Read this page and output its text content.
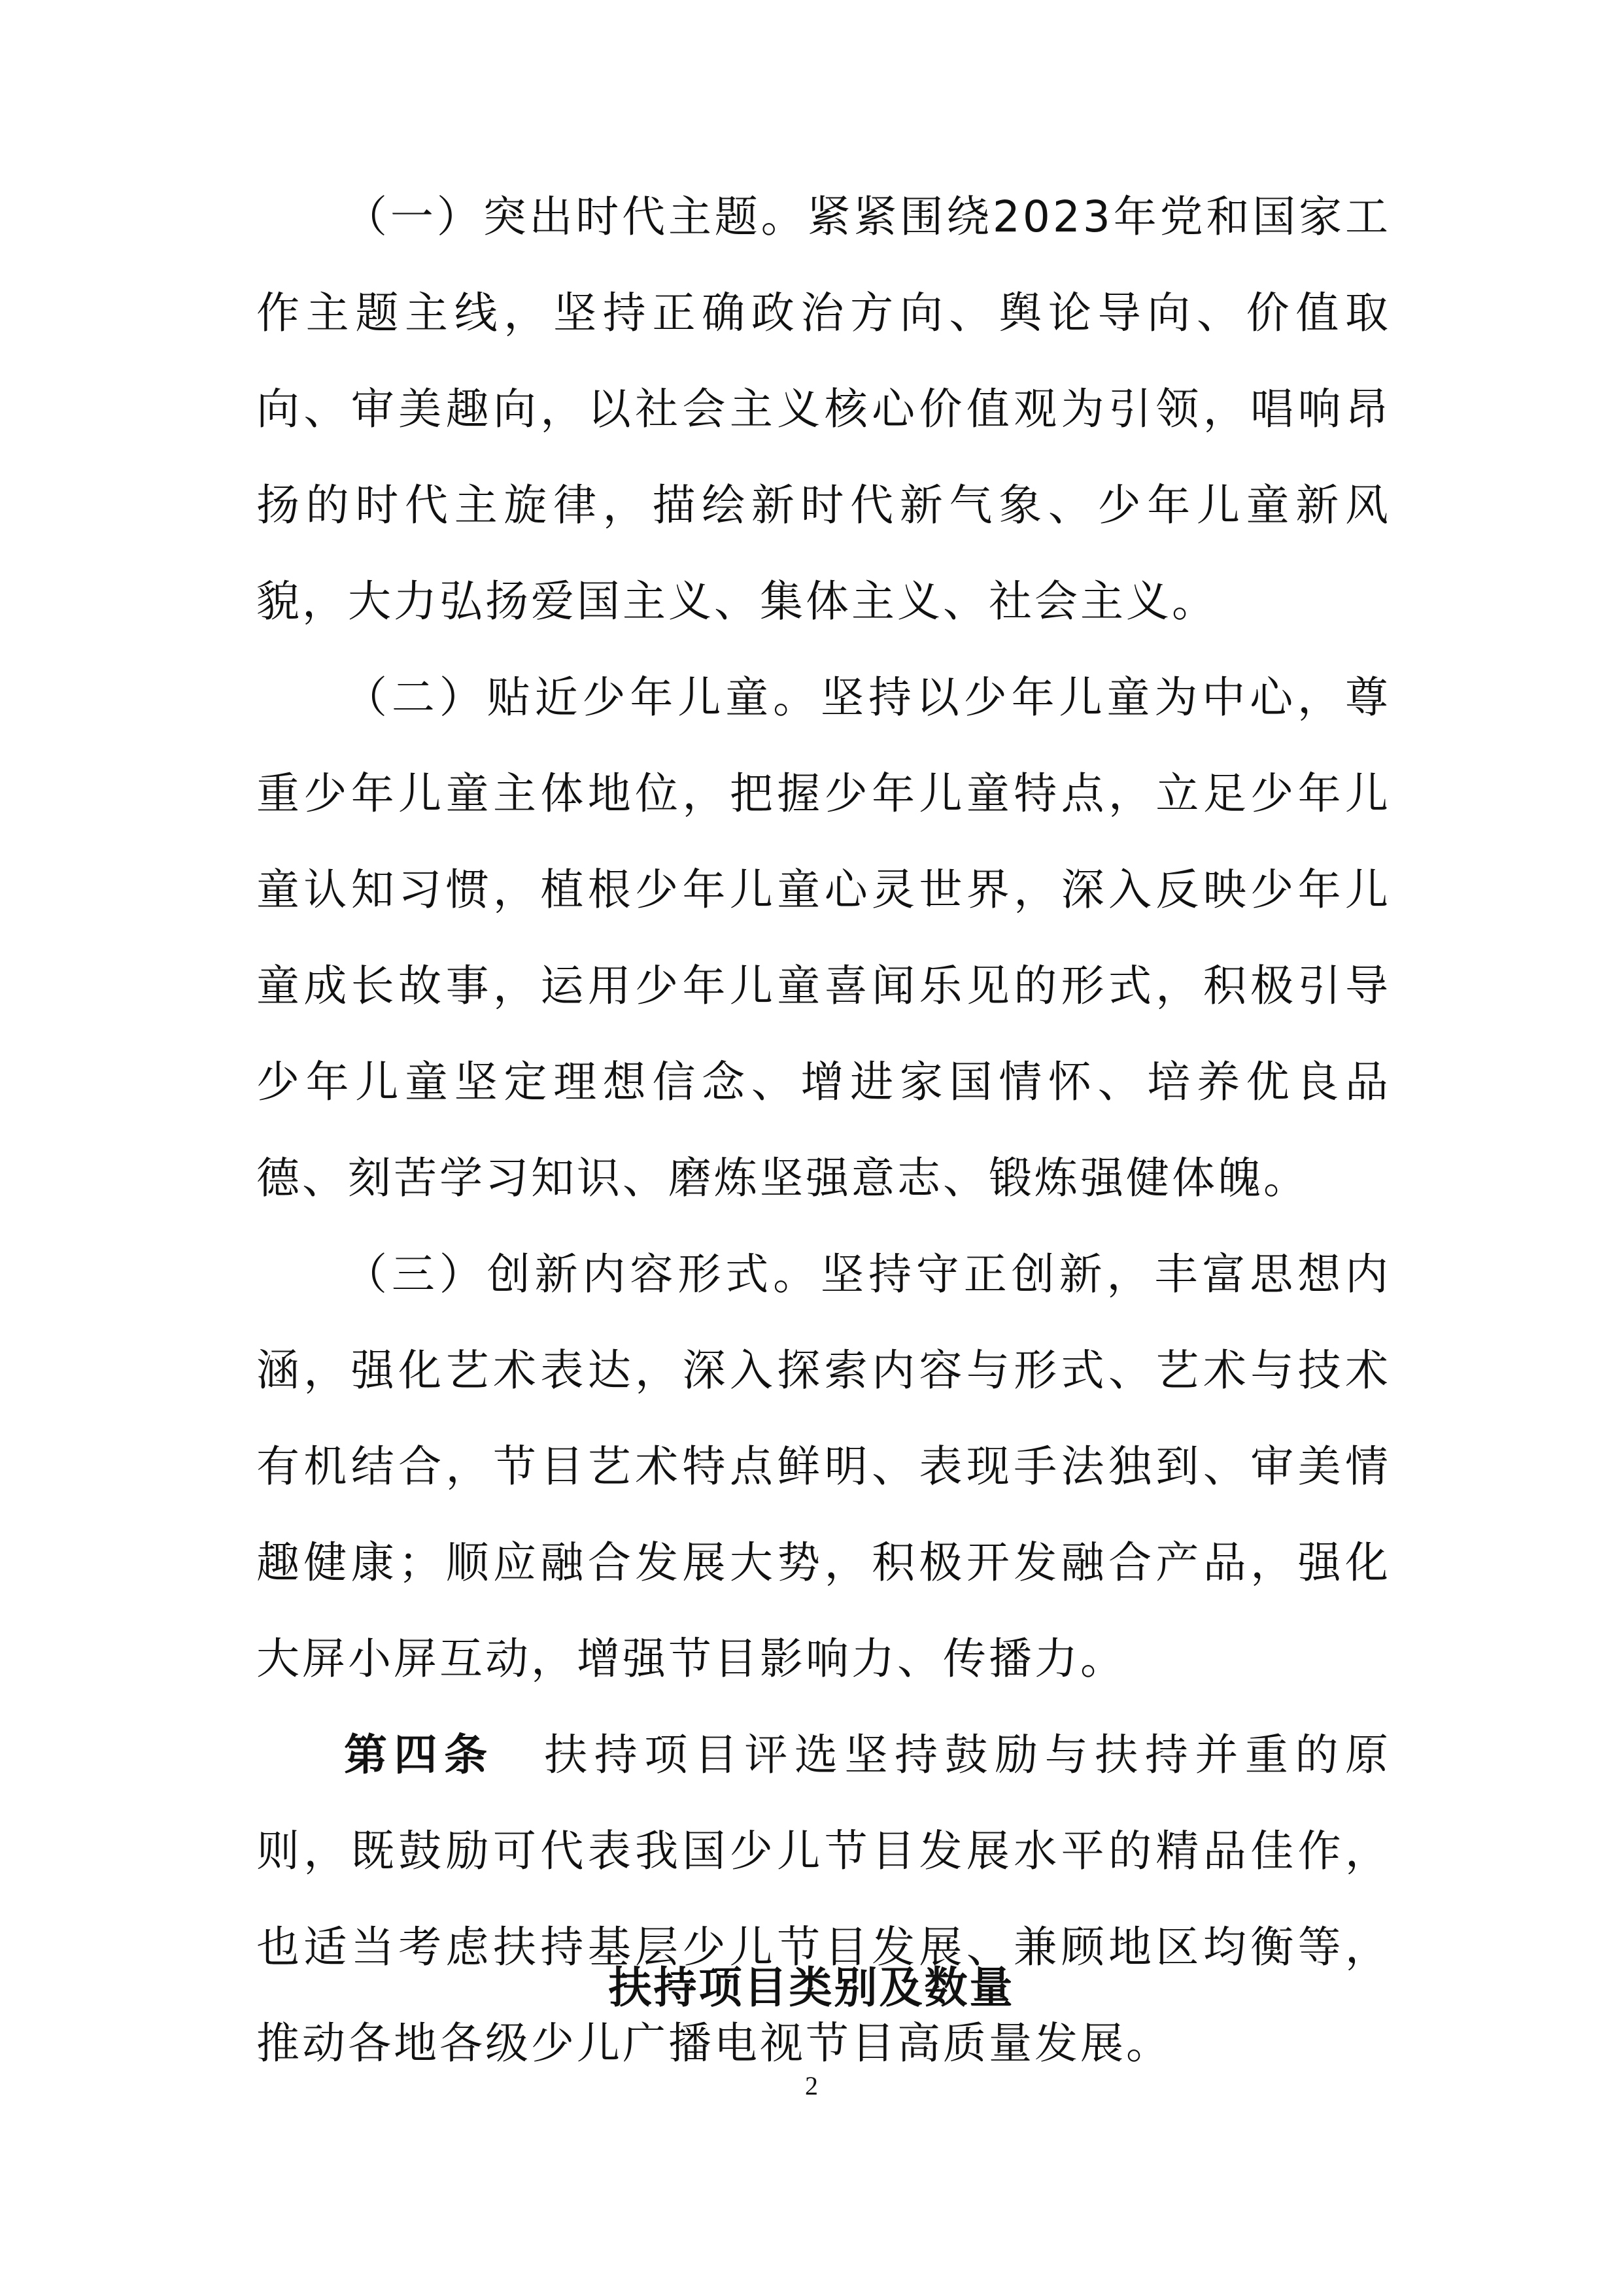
（一）突出时代主题。紧紧围绕2023年党和国家工作主题主线，坚持正确政治方向、舆论导向、价值取向、审美趣向，以社会主义核心价值观为引领，唱响昂扬的时代主旋律，描绘新时代新气象、少年儿童新风貌，大力弘扬爱国主义、集体主义、社会主义。

（二）贴近少年儿童。坚持以少年儿童为中心，尊重少年儿童主体地位，把握少年儿童特点，立足少年儿童认知习惯，植根少年儿童心灵世界，深入反映少年儿童成长故事，运用少年儿童喜闻乐见的形式，积极引导少年儿童坚定理想信念、增进家国情怀、培养优良品德、刻苦学习知识、磨炼坚强意志、锻炼强健体魄。

（三）创新内容形式。坚持守正创新，丰富思想内涵，强化艺术表达，深入探索内容与形式、艺术与技术有机结合，节目艺术特点鲜明、表现手法独到、审美情趣健康；顺应融合发展大势，积极开发融合产品，强化大屏小屏互动，增强节目影响力、传播力。

第四条　 扶持项目评选坚持鼓励与扶持并重的原则，既鼓励可代表我国少儿节目发展水平的精品佳作，也适当考虑扶持基层少儿节目发展、兼顾地区均衡等，推动各地各级少儿广播电视节目高质量发展。

扶持项目类别及数量
2
